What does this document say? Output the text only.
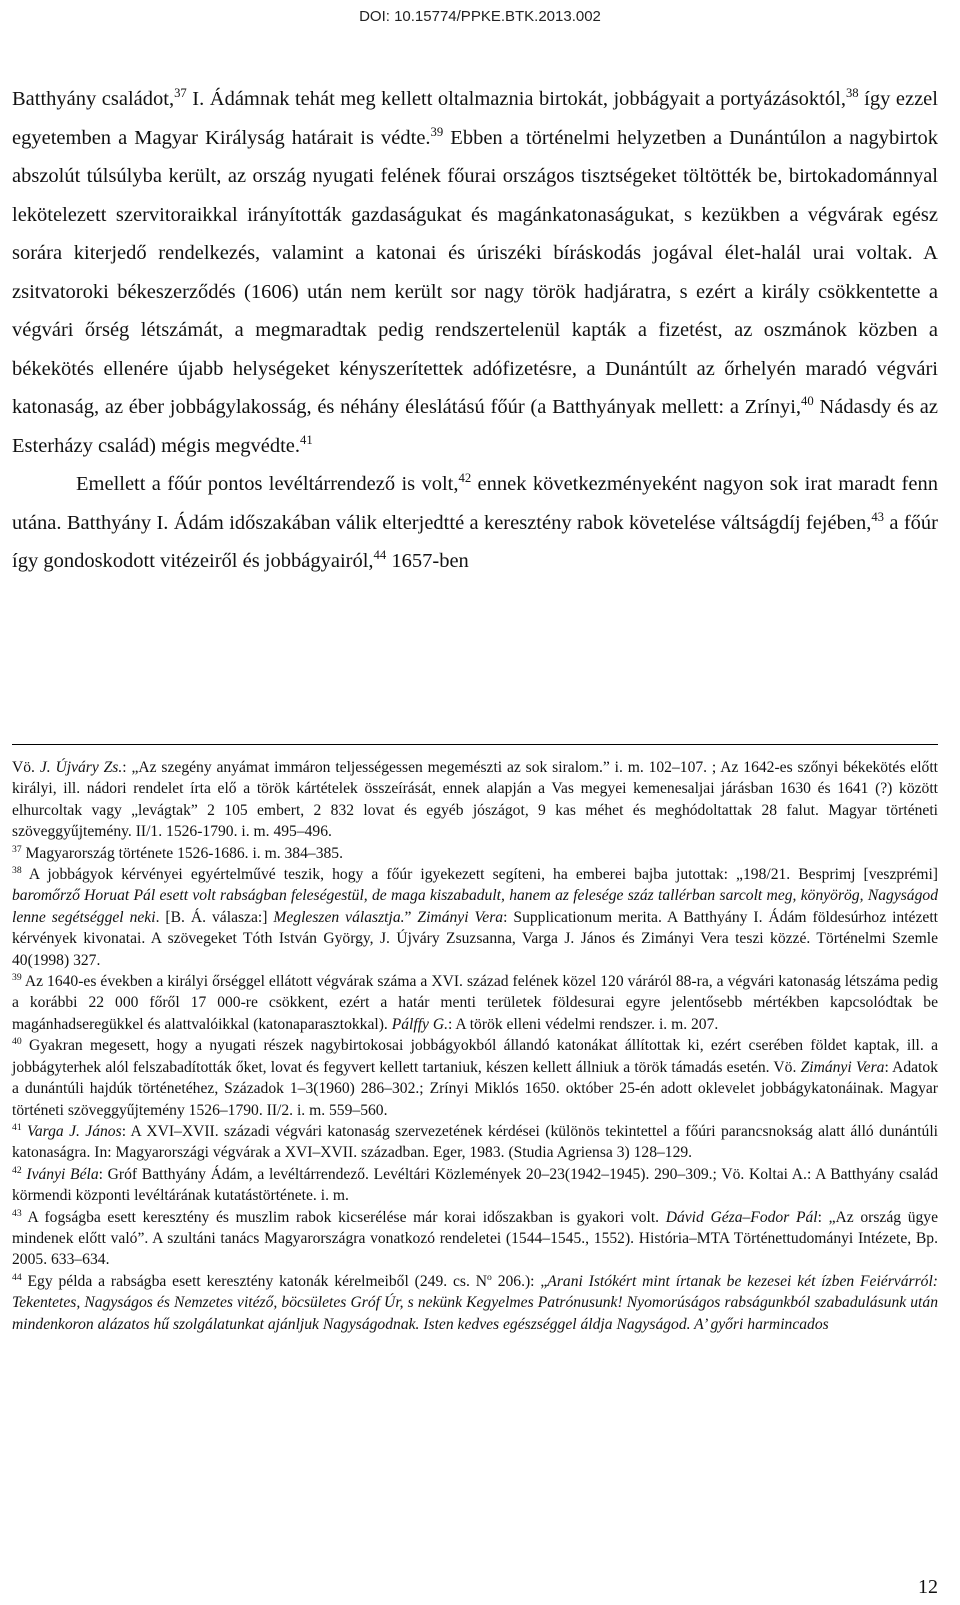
DOI: 10.15774/PPKE.BTK.2013.002

Batthyány családot,$^{37}$ I. Ádámnak tehát meg kellett oltalmaznia birtokát, jobbágyait a portyázásoktól,$^{38}$ így ezzel egyetemben a Magyar Királyság határait is védte.$^{39}$ Ebben a történelmi helyzetben a Dunántúlon a nagybirtok abszolút túlsúlyba került, az ország nyugati felének főurai országos tisztségeket töltötték be, birtokadománnyal lekötelezett szervitoraikkal irányították gazdaságukat és magánkatonaságukat, s kezükben a végvárak egész sorára kiterjedő rendelkezés, valamint a katonai és úriszéki bíráskodás jogával élet-halál urai voltak. A zsitvatoroki békeszerződés (1606) után nem került sor nagy török hadjáratra, s ezért a király csökkentette a végvári őrség létszámát, a megmaradtak pedig rendszertelenül kapták a fizetést, az oszmánok közben a békekötés ellenére újabb helységeket kényszerítettek adófizetésre, a Dunántúlt az őrhelyén maradó végvári katonaság, az éber jobbágylakosság, és néhány éleslátású főúr (a Batthyányak mellett: a Zrínyi,$^{40}$ Nádasdy és az Esterházy család) mégis megvédte.$^{41}$

Emellett a főúr pontos levéltárrendező is volt,$^{42}$ ennek következményeként nagyon sok irat maradt fenn utána. Batthyány I. Ádám időszakában válik elterjedtté a keresztény rabok követelése váltságdíj fejében,$^{43}$ a főúr így gondoskodott vitézeiről és jobbágyairól,$^{44}$ 1657-ben

Vö. J. Újváry Zs.: „Az szegény anyámat immáron teljességessen megemészti az sok siralom.” i. m. 102–107. ; Az 1642-es szőnyi békekötés előtt királyi, ill. nádori rendelet írta elő a török kártételek összeírását, ennek alapján a Vas megyei kemenesaljai járásban 1630 és 1641 (?) között elhurcoltak vagy „levágtak” 2 105 embert, 2 832 lovat és egyéb jószágot, 9 kas méhet és meghódoltattak 28 falut. Magyar történeti szöveggyűjtemény. II/1. 1526-1790. i. m. 495–496.

$^{37}$ Magyarország története 1526-1686. i. m. 384–385.

$^{38}$ A jobbágyok kérvényei egyértelművé teszik, hogy a főúr igyekezett segíteni, ha emberei bajba jutottak: „198/21. Besprimj [veszprémi] baromőrző Horuat Pál esett volt rabságban feleségestül, de maga kiszabadult, hanem az felesége száz tallérban sarcolt meg, könyörög, Nagyságod lenne segétséggel neki. [B. Á. válasza:] Megleszen választja.” Zimányi Vera: Supplicationum merita. A Batthyány I. Ádám földesúrhoz intézett kérvények kivonatai. A szövegeket Tóth István György, J. Újváry Zsuzsanna, Varga J. János és Zimányi Vera teszi közzé. Történelmi Szemle 40(1998) 327.

$^{39}$ Az 1640-es években a királyi őrséggel ellátott végvárak száma a XVI. század felének közel 120 váráról 88-ra, a végvári katonaság létszáma pedig a korábbi 22 000 főről 17 000-re csökkent, ezért a határ menti területek földesurai egyre jelentősebb mértékben kapcsolódtak be magánhadseregükkel és alattvalóikkal (katonaparasztokkal). Pálffy G.: A török elleni védelmi rendszer. i. m. 207.

$^{40}$ Gyakran megesett, hogy a nyugati részek nagybirtokosai jobbágyokból állandó katonákat állítottak ki, ezért cserében földet kaptak, ill. a jobbágyterhek alól felszabadították őket, lovat és fegyvert kellett tartaniuk, készen kellett állniuk a török támadás esetén. Vö. Zimányi Vera: Adatok a dunántúli hajdúk történetéhez, Századok 1–3(1960) 286–302.; Zrínyi Miklós 1650. október 25-én adott oklevelet jobbágykatonáinak. Magyar történeti szöveggyűjtemény 1526–1790. II/2. i. m. 559–560.

$^{41}$ Varga J. János: A XVI–XVII. századi végvári katonaság szervezetének kérdései (különös tekintettel a főúri parancsnokság alatt álló dunántúli katonaságra. In: Magyarországi végvárak a XVI–XVII. században. Eger, 1983. (Studia Agriensa 3) 128–129.

$^{42}$ Iványi Béla: Gróf Batthyány Ádám, a levéltárrendező. Levéltári Közlemények 20–23(1942–1945). 290–309.; Vö. Koltai A.: A Batthyány család körmendi központi levéltárának kutatástörténete. i. m.

$^{43}$ A fogságba esett keresztény és muszlim rabok kicserélése már korai időszakban is gyakori volt. Dávid Géza–Fodor Pál: „Az ország ügye mindenek előtt való”. A szultáni tanács Magyarországra vonatkozó rendeletei (1544–1545., 1552). História–MTA Történettudományi Intézete, Bp. 2005. 633–634.

$^{44}$ Egy példa a rabságba esett keresztény katonák kérelmeiből (249. cs. $N^o$ 206.): „Arani Istókért mint írtanak be kezesei két ízben Feiérvárról: Tekentetes, Nagyságos és Nemzetes vitéző, böcsületes Gróf Úr, s nekünk Kegyelmes Patrónusunk! Nyomorúságos rabságunkból szabadulásunk után mindenkoron alázatos hű szolgálatunkat ajánljuk Nagyságodnak. Isten kedves egészséggel áldja Nagyságod. A’ győri harmincados

12
